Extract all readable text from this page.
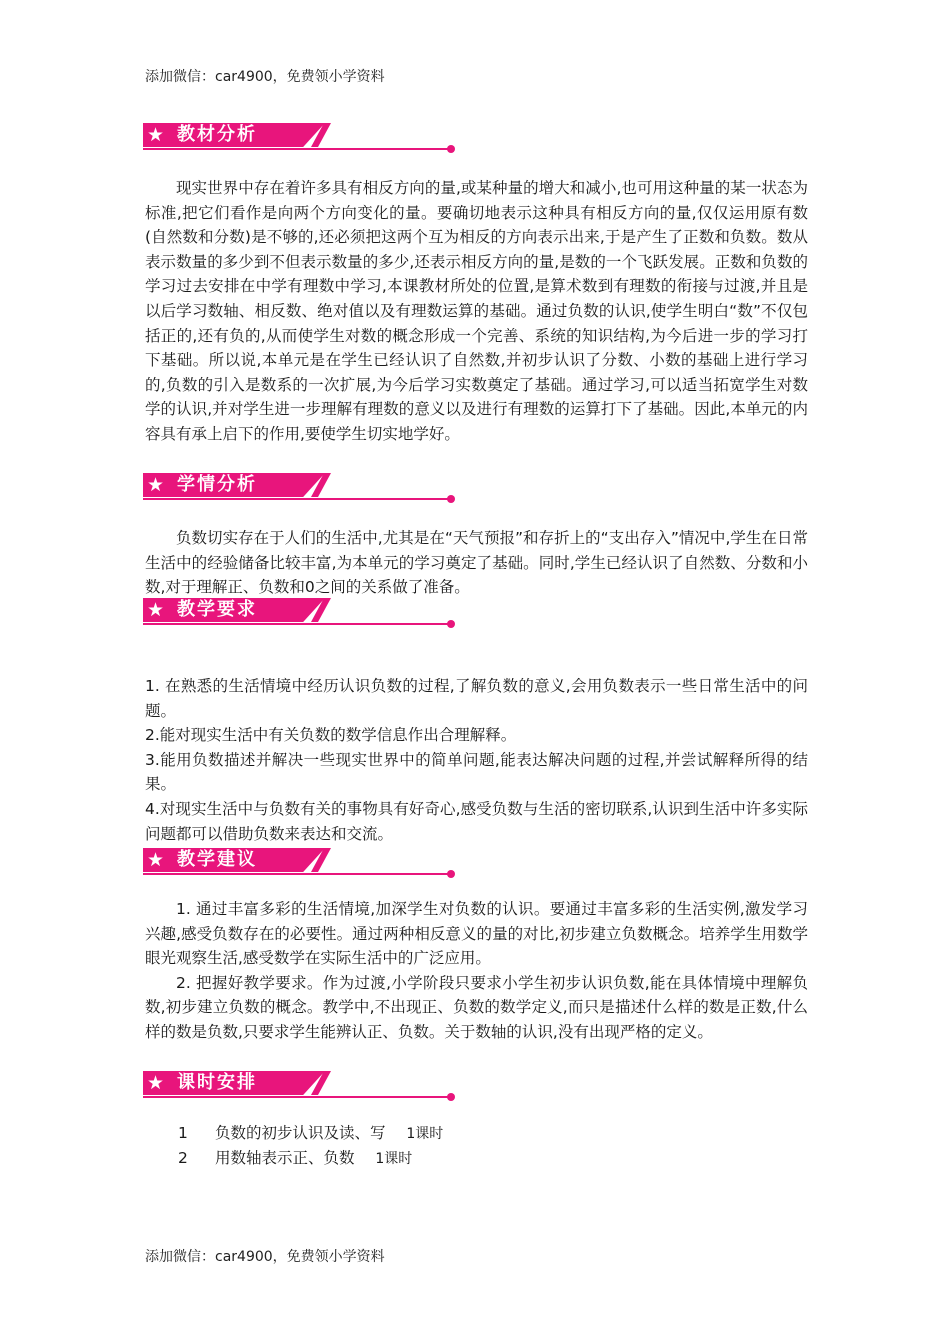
添加微信：car4900，免费领小学资料
★ 教材分析

现实世界中存在着许多具有相反方向的量,或某种量的增大和减小,也可用这种量的某一状态为标准,把它们看作是向两个方向变化的量。要确切地表示这种具有相反方向的量,仅仅运用原有数(自然数和分数)是不够的,还必须把这两个互为相反的方向表示出来,于是产生了正数和负数。数从表示数量的多少到不但表示数量的多少,还表示相反方向的量,是数的一个飞跃发展。正数和负数的学习过去安排在中学有理数中学习,本课教材所处的位置,是算术数到有理数的衔接与过渡,并且是以后学习数轴、相反数、绝对值以及有理数运算的基础。通过负数的认识,使学生明白“数”不仅包括正的,还有负的,从而使学生对数的概念形成一个完善、系统的知识结构,为今后进一步的学习打下基础。所以说,本单元是在学生已经认识了自然数,并初步认识了分数、小数的基础上进行学习的,负数的引入是数系的一次扩展,为今后学习实数奠定了基础。通过学习,可以适当拓宽学生对数学的认识,并对学生进一步理解有理数的意义以及进行有理数的运算打下了基础。因此,本单元的内容具有承上启下的作用,要使学生切实地学好。

★ 学情分析

负数切实存在于人们的生活中,尤其是在“天气预报”和存折上的“支出存入”情况中,学生在日常生活中的经验储备比较丰富,为本单元的学习奠定了基础。同时,学生已经认识了自然数、分数和小数,对于理解正、负数和0之间的关系做了准备。

★ 教学要求

1. 在熟悉的生活情境中经历认识负数的过程,了解负数的意义,会用负数表示一些日常生活中的问题。

2.能对现实生活中有关负数的数学信息作出合理解释。

3.能用负数描述并解决一些现实世界中的简单问题,能表达解决问题的过程,并尝试解释所得的结果。

4.对现实生活中与负数有关的事物具有好奇心,感受负数与生活的密切联系,认识到生活中许多实际问题都可以借助负数来表达和交流。

★ 教学建议

1. 通过丰富多彩的生活情境,加深学生对负数的认识。要通过丰富多彩的生活实例,激发学习兴趣,感受负数存在的必要性。通过两种相反意义的量的对比,初步建立负数概念。培养学生用数学眼光观察生活,感受数学在实际生活中的广泛应用。

2. 把握好教学要求。作为过渡,小学阶段只要求小学生初步认识负数,能在具体情境中理解负数,初步建立负数的概念。教学中,不出现正、负数的数学定义,而只是描述什么样的数是正数,什么样的数是负数,只要求学生能辨认正、负数。关于数轴的认识,没有出现严格的定义。

★ 课时安排
1 负数的初步认识及读、写 1课时
2 用数轴表示正、负数 1课时
添加微信：car4900，免费领小学资料
